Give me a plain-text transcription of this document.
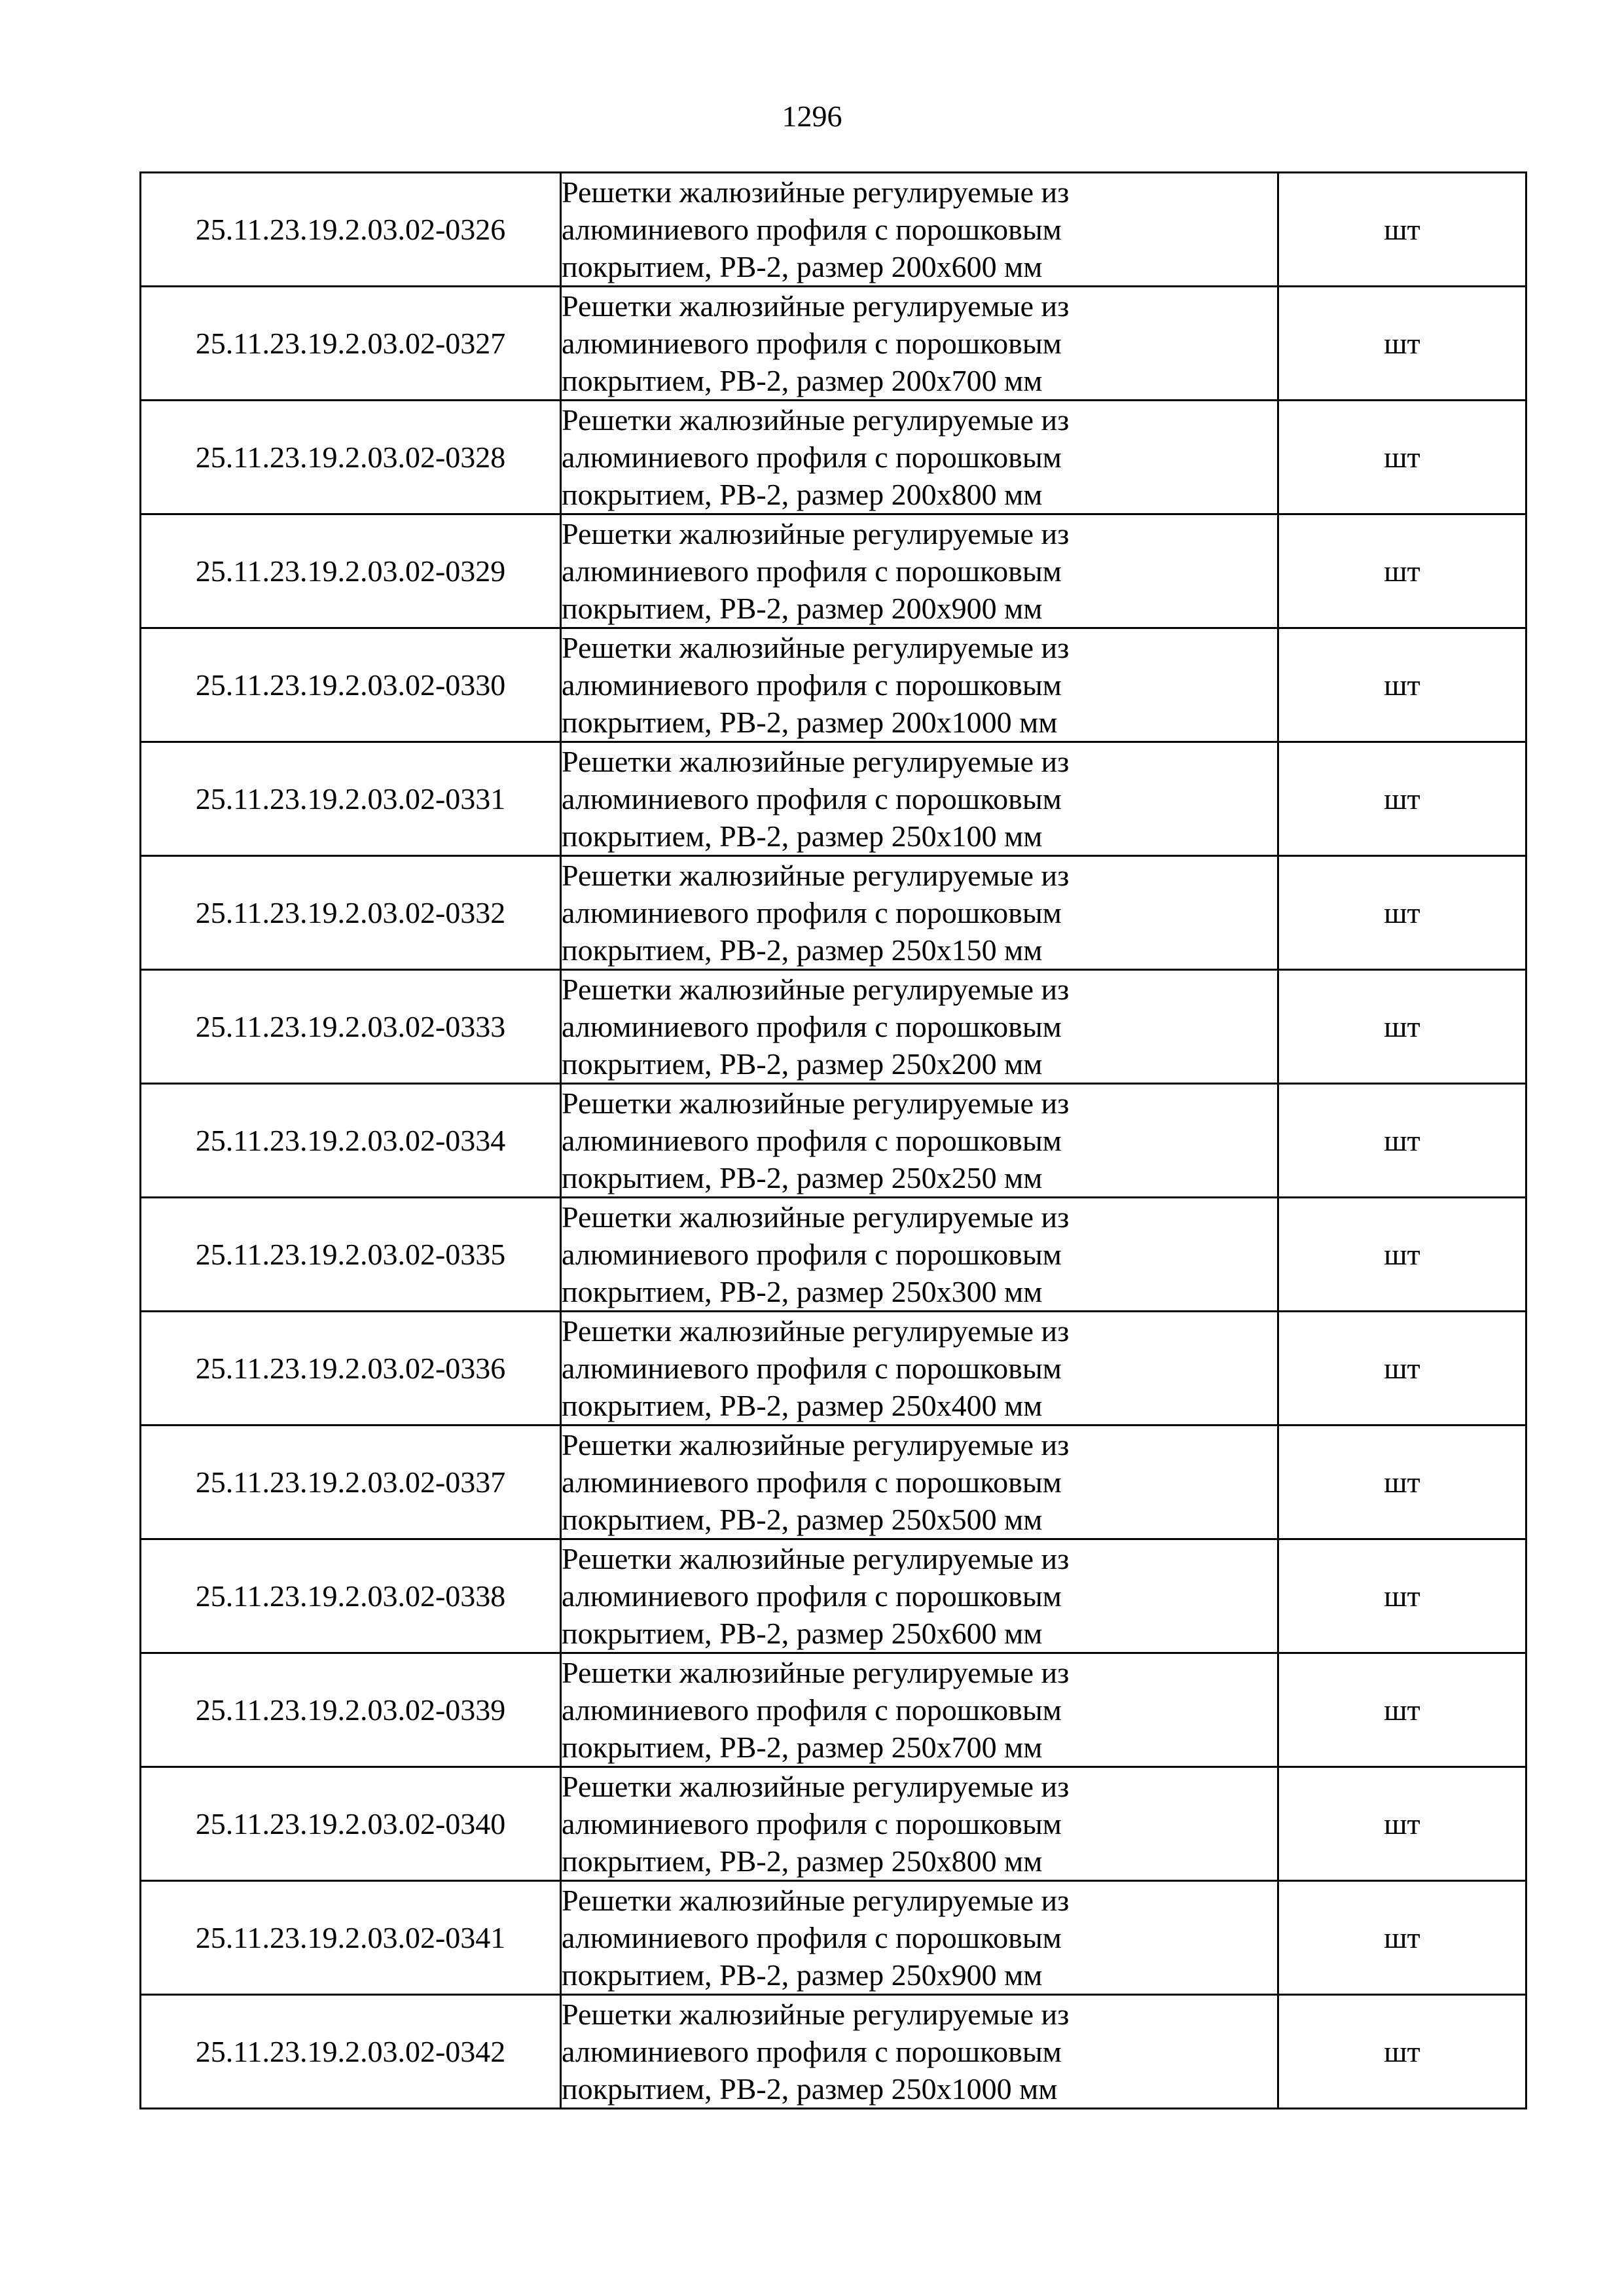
1296
25.11.23.19.2.03.02-0326	Решетки жалюзийные регулируемые из
алюминиевого профиля с порошковым
покрытием, РВ-2, размер 200х600 мм	шт
25.11.23.19.2.03.02-0327	Решетки жалюзийные регулируемые из
алюминиевого профиля с порошковым
покрытием, РВ-2, размер 200х700 мм	шт
25.11.23.19.2.03.02-0328	Решетки жалюзийные регулируемые из
алюминиевого профиля с порошковым
покрытием, РВ-2, размер 200х800 мм	шт
25.11.23.19.2.03.02-0329	Решетки жалюзийные регулируемые из
алюминиевого профиля с порошковым
покрытием, РВ-2, размер 200х900 мм	шт
25.11.23.19.2.03.02-0330	Решетки жалюзийные регулируемые из
алюминиевого профиля с порошковым
покрытием, РВ-2, размер 200х1000 мм	шт
25.11.23.19.2.03.02-0331	Решетки жалюзийные регулируемые из
алюминиевого профиля с порошковым
покрытием, РВ-2, размер 250х100 мм	шт
25.11.23.19.2.03.02-0332	Решетки жалюзийные регулируемые из
алюминиевого профиля с порошковым
покрытием, РВ-2, размер 250х150 мм	шт
25.11.23.19.2.03.02-0333	Решетки жалюзийные регулируемые из
алюминиевого профиля с порошковым
покрытием, РВ-2, размер 250х200 мм	шт
25.11.23.19.2.03.02-0334	Решетки жалюзийные регулируемые из
алюминиевого профиля с порошковым
покрытием, РВ-2, размер 250х250 мм	шт
25.11.23.19.2.03.02-0335	Решетки жалюзийные регулируемые из
алюминиевого профиля с порошковым
покрытием, РВ-2, размер 250х300 мм	шт
25.11.23.19.2.03.02-0336	Решетки жалюзийные регулируемые из
алюминиевого профиля с порошковым
покрытием, РВ-2, размер 250х400 мм	шт
25.11.23.19.2.03.02-0337	Решетки жалюзийные регулируемые из
алюминиевого профиля с порошковым
покрытием, РВ-2, размер 250х500 мм	шт
25.11.23.19.2.03.02-0338	Решетки жалюзийные регулируемые из
алюминиевого профиля с порошковым
покрытием, РВ-2, размер 250х600 мм	шт
25.11.23.19.2.03.02-0339	Решетки жалюзийные регулируемые из
алюминиевого профиля с порошковым
покрытием, РВ-2, размер 250х700 мм	шт
25.11.23.19.2.03.02-0340	Решетки жалюзийные регулируемые из
алюминиевого профиля с порошковым
покрытием, РВ-2, размер 250х800 мм	шт
25.11.23.19.2.03.02-0341	Решетки жалюзийные регулируемые из
алюминиевого профиля с порошковым
покрытием, РВ-2, размер 250х900 мм	шт
25.11.23.19.2.03.02-0342	Решетки жалюзийные регулируемые из
алюминиевого профиля с порошковым
покрытием, РВ-2, размер 250х1000 мм	шт
